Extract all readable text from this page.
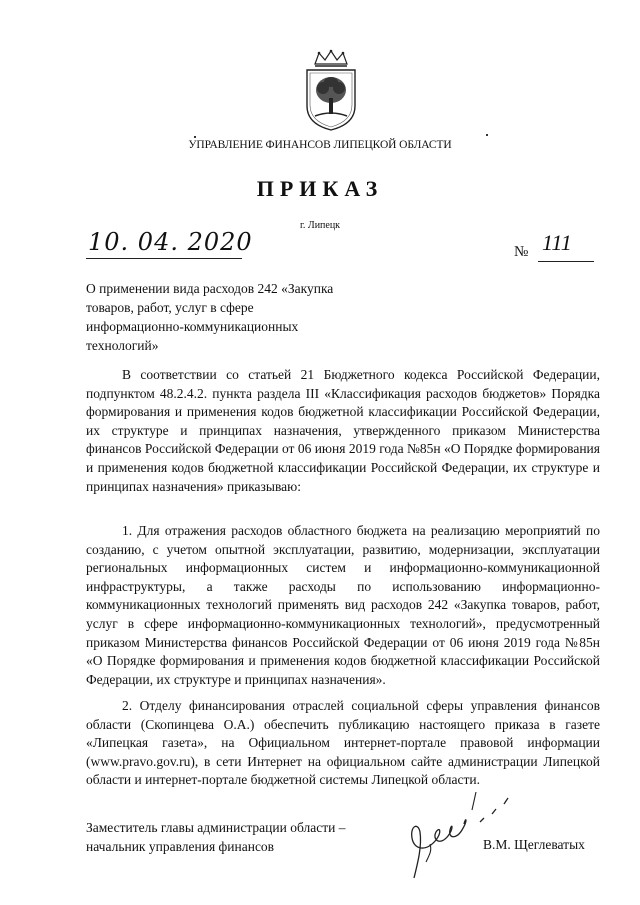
УПРАВЛЕНИЕ ФИНАНСОВ ЛИПЕЦКОЙ ОБЛАСТИ
ПРИКАЗ
г. Липецк
10. 04. 2020	№ 111
О применении вида расходов 242 «Закупка товаров, работ, услуг в сфере информационно-коммуникационных технологий»
В соответствии со статьей 21 Бюджетного кодекса Российской Федерации, подпунктом 48.2.4.2. пункта раздела III «Классификация расходов бюджетов» Порядка формирования и применения кодов бюджетной классификации Российской Федерации, их структуре и принципах назначения, утвержденного приказом Министерства финансов Российской Федерации от 06 июня 2019 года №85н «О Порядке формирования и применения кодов бюджетной классификации Российской Федерации, их структуре и принципах назначения» приказываю:
1. Для отражения расходов областного бюджета на реализацию мероприятий по созданию, с учетом опытной эксплуатации, развитию, модернизации, эксплуатации региональных информационных систем и информационно-коммуникационной инфраструктуры, а также расходы по использованию информационно-коммуникационных технологий применять вид расходов 242 «Закупка товаров, работ, услуг в сфере информационно-коммуникационных технологий», предусмотренный приказом Министерства финансов Российской Федерации от 06 июня 2019 года №85н «О Порядке формирования и применения кодов бюджетной классификации Российской Федерации, их структуре и принципах назначения».
2. Отделу финансирования отраслей социальной сферы управления финансов области (Скопинцева О.А.) обеспечить публикацию настоящего приказа в газете «Липецкая газета», на Официальном интернет-портале правовой информации (www.pravo.gov.ru), в сети Интернет на официальном сайте администрации Липецкой области и интернет-портале бюджетной системы Липецкой области.
Заместитель главы администрации области –
начальник управления финансов	В.М. Щеглеватых
